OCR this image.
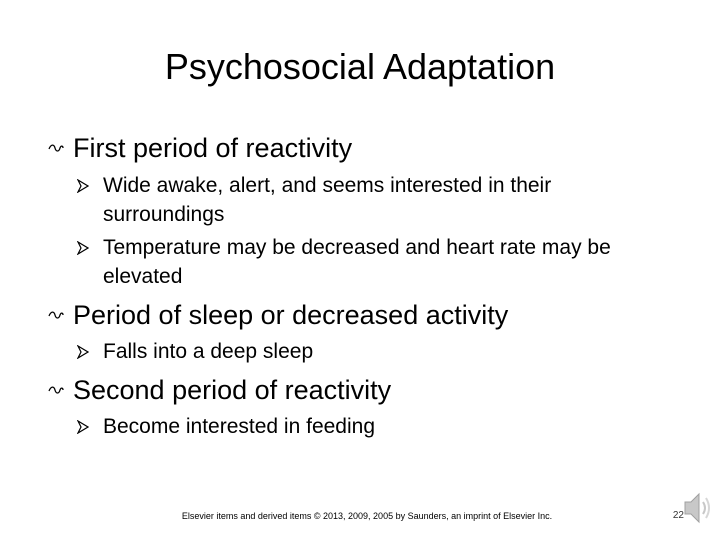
Psychosocial Adaptation
First period of reactivity
Wide awake, alert, and seems interested in their surroundings
Temperature may be decreased and heart rate may be elevated
Period of sleep or decreased activity
Falls into a deep sleep
Second period of reactivity
Become interested in feeding
Elsevier items and derived items © 2013, 2009, 2005 by Saunders, an imprint of Elsevier Inc.	22
